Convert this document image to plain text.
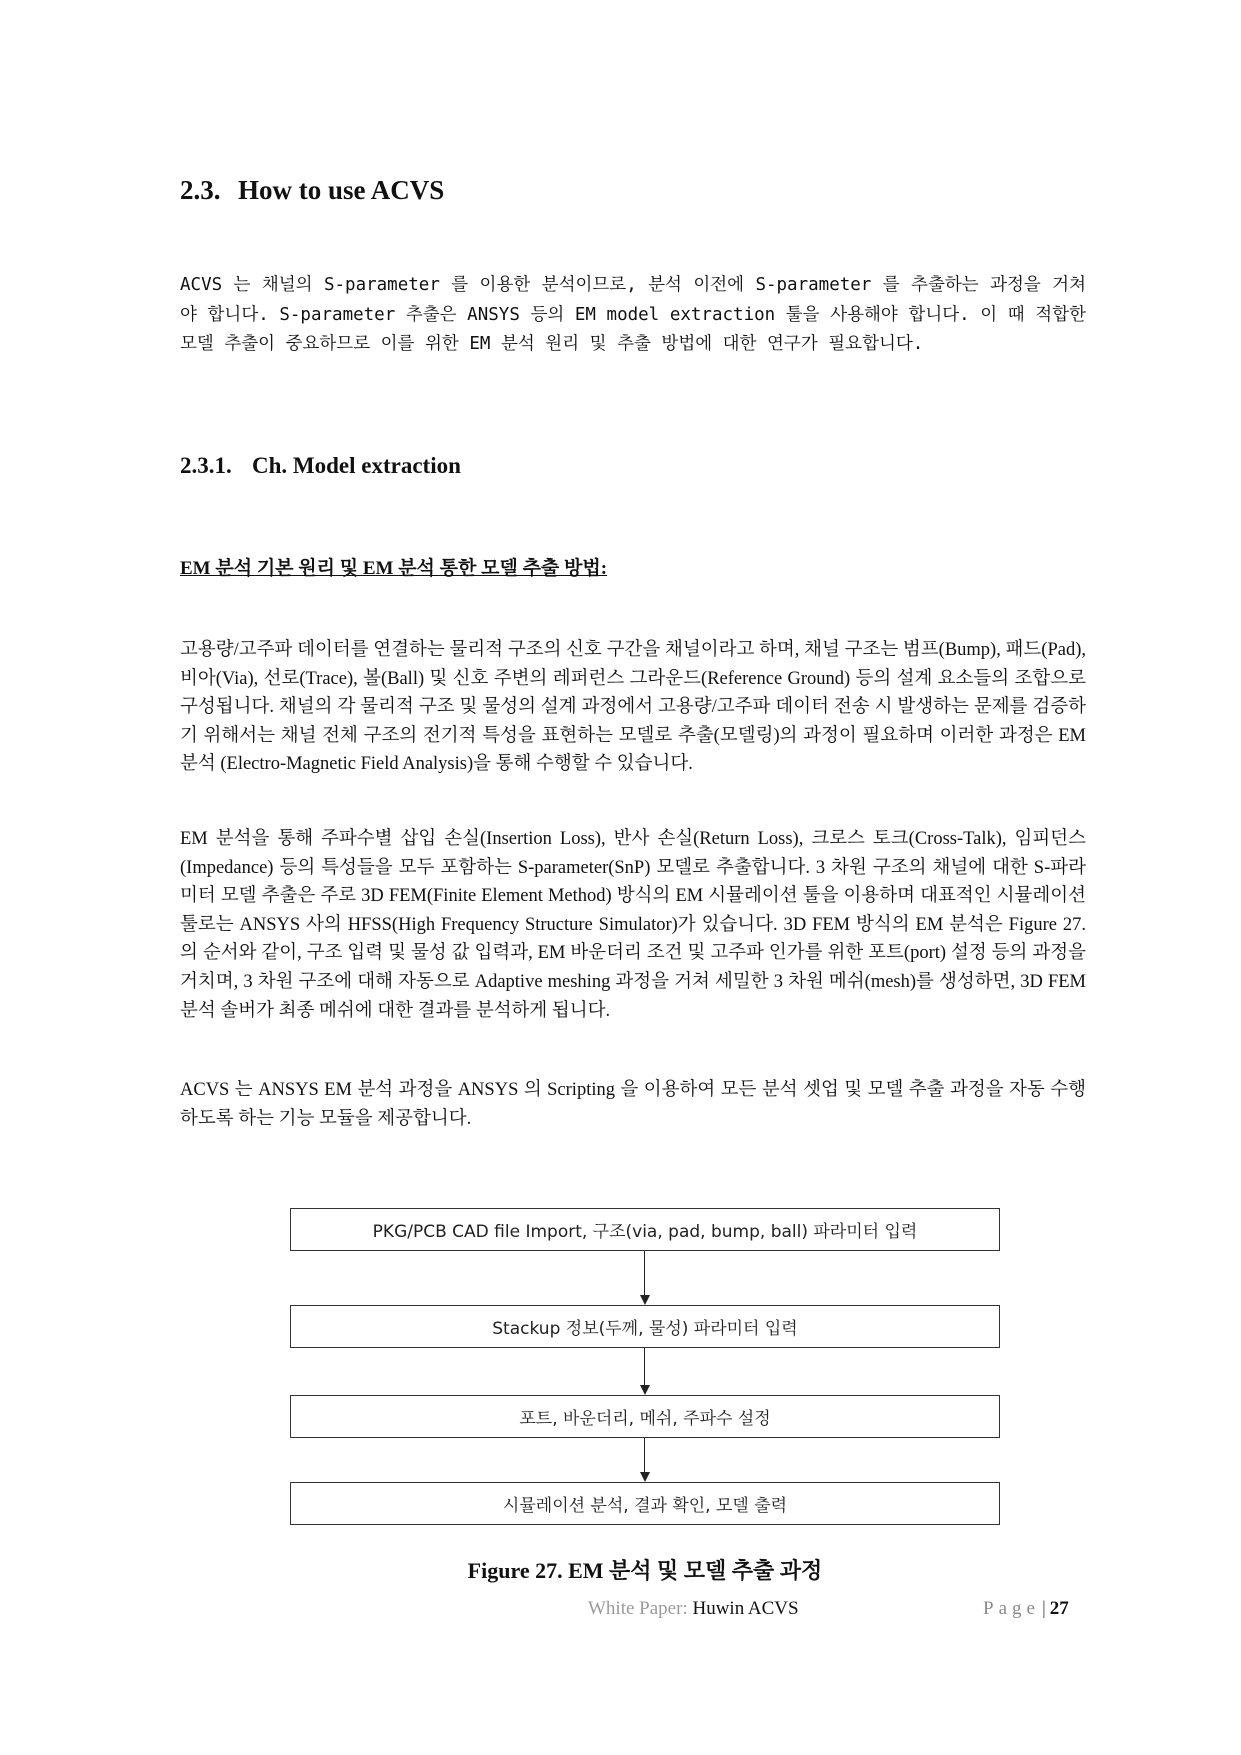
2.3. How to use ACVS
ACVS 는 채널의 S-parameter 를 이용한 분석이므로, 분석 이전에 S-parameter 를 추출하는 과정을 거쳐야 합니다. S-parameter 추출은 ANSYS 등의 EM model extraction 툴을 사용해야 합니다. 이 때 적합한 모델 추출이 중요하므로 이를 위한 EM 분석 원리 및 추출 방법에 대한 연구가 필요합니다.
2.3.1. Ch. Model extraction
EM 분석 기본 원리 및 EM 분석 통한 모델 추출 방법:
고용량/고주파 데이터를 연결하는 물리적 구조의 신호 구간을 채널이라고 하며, 채널 구조는 범프(Bump), 패드(Pad), 비아(Via), 선로(Trace), 볼(Ball) 및 신호 주변의 레퍼런스 그라운드(Reference Ground) 등의 설계 요소들의 조합으로 구성됩니다. 채널의 각 물리적 구조 및 물성의 설계 과정에서 고용량/고주파 데이터 전송 시 발생하는 문제를 검증하기 위해서는 채널 전체 구조의 전기적 특성을 표현하는 모델로 추출(모델링)의 과정이 필요하며 이러한 과정은 EM 분석 (Electro-Magnetic Field Analysis)을 통해 수행할 수 있습니다.
EM 분석을 통해 주파수별 삽입 손실(Insertion Loss), 반사 손실(Return Loss), 크로스 토크(Cross-Talk), 임피던스(Impedance) 등의 특성들을 모두 포함하는 S-parameter(SnP) 모델로 추출합니다. 3 차원 구조의 채널에 대한 S-파라미터 모델 추출은 주로 3D FEM(Finite Element Method) 방식의 EM 시뮬레이션 툴을 이용하며 대표적인 시뮬레이션 툴로는 ANSYS 사의 HFSS(High Frequency Structure Simulator)가 있습니다. 3D FEM 방식의 EM 분석은 Figure 27. 의 순서와 같이, 구조 입력 및 물성 값 입력과, EM 바운더리 조건 및 고주파 인가를 위한 포트(port) 설정 등의 과정을 거치며, 3 차원 구조에 대해 자동으로 Adaptive meshing 과정을 거쳐 세밀한 3 차원 메쉬(mesh)를 생성하면, 3D FEM 분석 솔버가 최종 메쉬에 대한 결과를 분석하게 됩니다.
ACVS 는 ANSYS EM 분석 과정을 ANSYS 의 Scripting 을 이용하여 모든 분석 셋업 및 모델 추출 과정을 자동 수행하도록 하는 기능 모듈을 제공합니다.
PKG/PCB CAD file Import, 구조(via, pad, bump, ball) 파라미터 입력
Stackup 정보(두께, 물성) 파라미터 입력
포트, 바운더리, 메쉬, 주파수 설정
시뮬레이션 분석, 결과 확인, 모델 출력
Figure 27. EM 분석 및 모델 추출 과정
White Paper: Huwin ACVS	Page | 27
